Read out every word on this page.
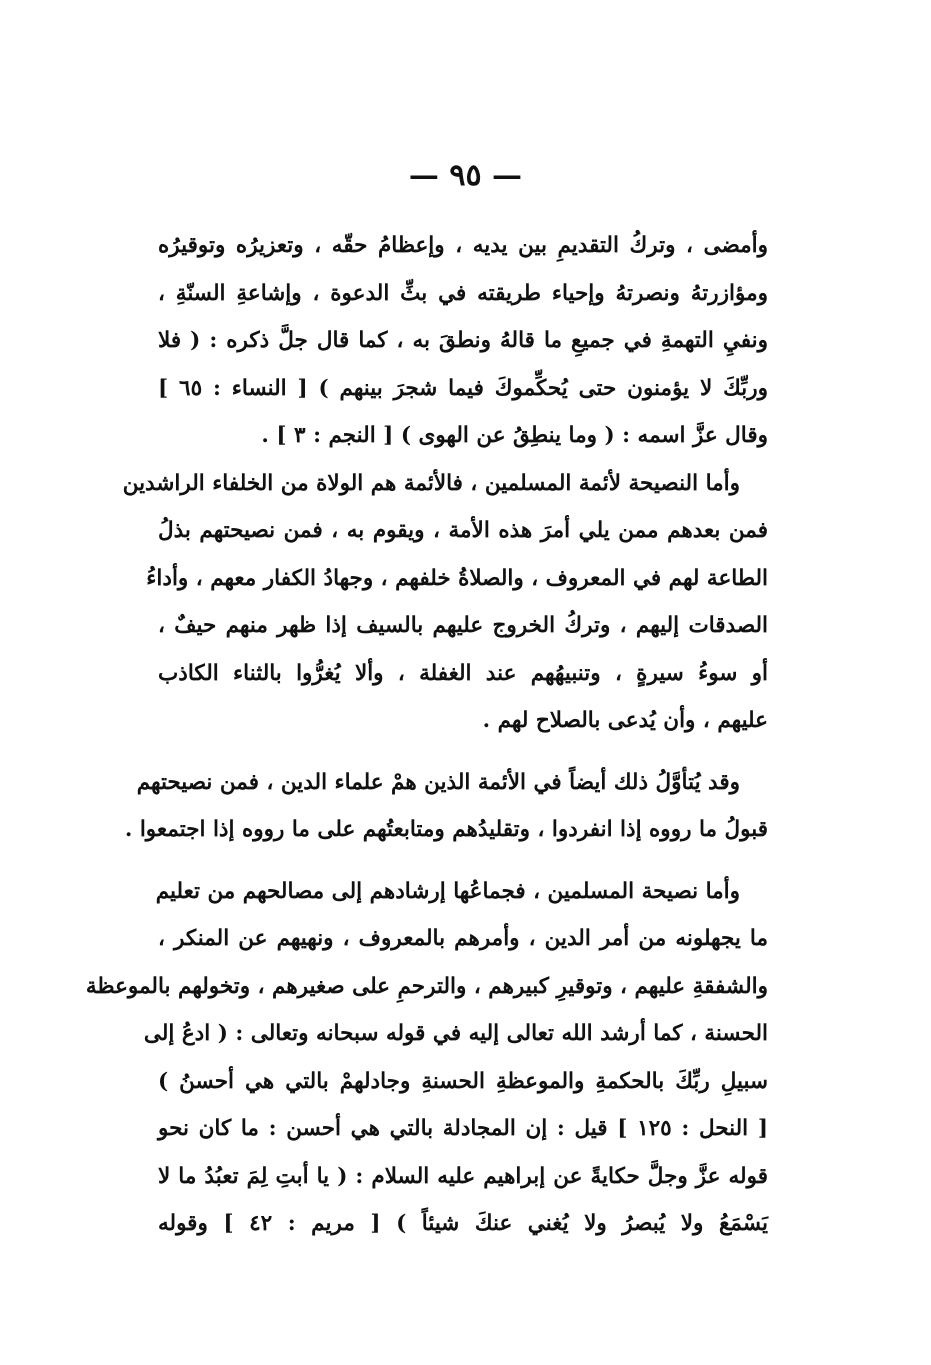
— ٩٥ —
وأمضى ، وتركُ التقديمِ بين يديه ، وإعظامُ حقّه ، وتعزيرُه وتوقيرُه
ومؤازرتهُ ونصرتهُ وإحياء طريقته في بثِّ الدعوة ، وإشاعةِ السنّةِ ،
ونفيِ التهمةِ في جميعِ ما قالهُ ونطقَ به ، كما قال جلَّ ذكره : ( فلا
وربِّكَ لا يؤمنون حتى يُحكِّموكَ فيما شجرَ بينهم ) [ النساء : ٦٥ ]
وقال عزَّ اسمه : ( وما ينطِقُ عن الهوى ) [ النجم : ٣ ] .
وأما النصيحة لأئمة المسلمين ، فالأئمة هم الولاة من الخلفاء الراشدين
فمن بعدهم ممن يلي أمرَ هذه الأمة ، ويقوم به ، فمن نصيحتهم بذلُ
الطاعة لهم في المعروف ، والصلاةُ خلفهم ، وجهادُ الكفار معهم ، وأداءُ
الصدقات إليهم ، وتركُ الخروج عليهم بالسيف إذا ظهر منهم حيفٌ ،
أو سوءُ سيرةٍ ، وتنبيهُهم عند الغفلة ، وألا يُغرُّوا بالثناء الكاذب
عليهم ، وأن يُدعى بالصلاح لهم .
وقد يُتأوَّلُ ذلك أيضاً في الأئمة الذين همْ علماء الدين ، فمن نصيحتهم
قبولُ ما رووه إذا انفردوا ، وتقليدُهم ومتابعتُهم على ما رووه إذا اجتمعوا .
وأما نصيحة المسلمين ، فجماعُها إرشادهم إلى مصالحهم من تعليم
ما يجهلونه من أمر الدين ، وأمرهم بالمعروف ، ونهيهم عن المنكر ،
والشفقةِ عليهم ، وتوقيرِ كبيرهم ، والترحمِ على صغيرهم ، وتخولهم بالموعظة
الحسنة ، كما أرشد الله تعالى إليه في قوله سبحانه وتعالى : ( ادعُ إلى
سبيلِ ربِّكَ بالحكمةِ والموعظةِ الحسنةِ وجادلهمْ بالتي هي أحسنُ )
[ النحل : ١٢٥ ] قيل : إن المجادلة بالتي هي أحسن : ما كان نحو
قوله عزَّ وجلَّ حكايةً عن إبراهيم عليه السلام : ( يا أبتِ لِمَ تعبُدُ ما لا
يَسْمَعُ ولا يُبصرُ ولا يُغني عنكَ شيئاً ) [ مريم : ٤٢ ] وقوله
